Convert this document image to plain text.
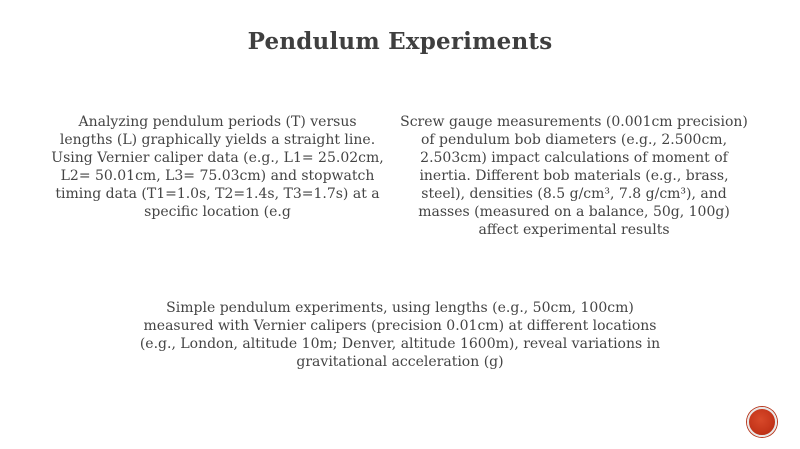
Pendulum Experiments
Analyzing pendulum periods (T) versus lengths (L) graphically yields a straight line. Using Vernier caliper data (e.g., L1= 25.02cm, L2= 50.01cm, L3= 75.03cm) and stopwatch timing data (T1=1.0s, T2=1.4s, T3=1.7s) at a specific location (e.g
Screw gauge measurements (0.001cm precision) of pendulum bob diameters (e.g., 2.500cm, 2.503cm) impact calculations of moment of inertia. Different bob materials (e.g., brass, steel), densities (8.5 g/cm³, 7.8 g/cm³), and masses (measured on a balance, 50g, 100g) affect experimental results
Simple pendulum experiments, using lengths (e.g., 50cm, 100cm) measured with Vernier calipers (precision 0.01cm) at different locations (e.g., London, altitude 10m; Denver, altitude 1600m), reveal variations in gravitational acceleration (g)
